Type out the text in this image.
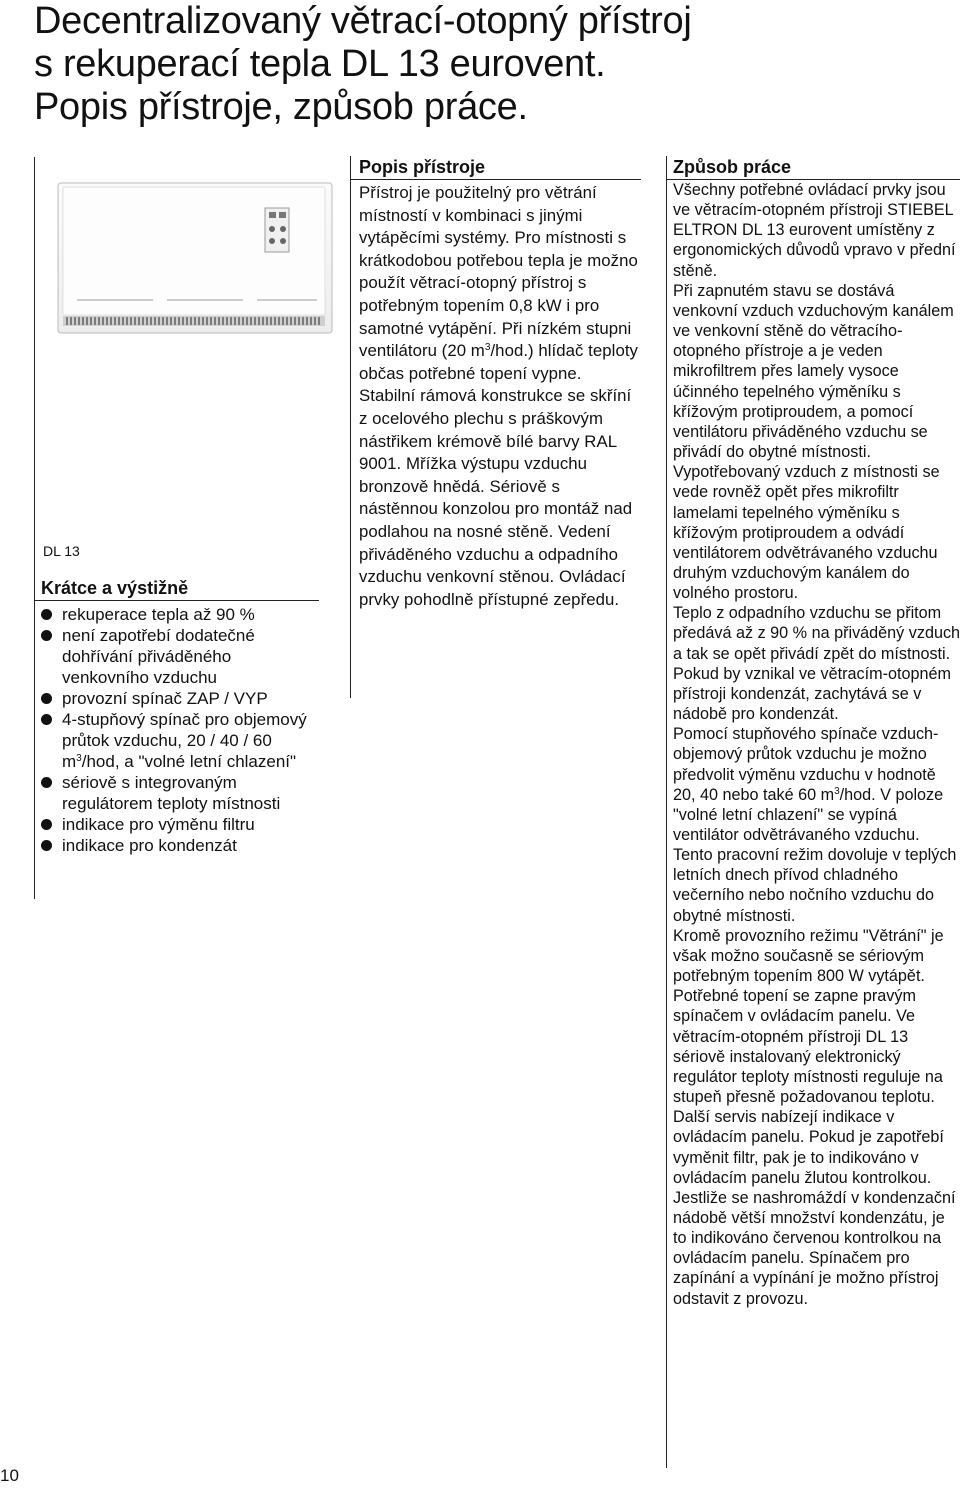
Decentralizovaný větrací-otopný přístroj
s rekuperací tepla DL 13 eurovent.
Popis přístroje, způsob práce.
DL 13
Krátce a výstižně
rekuperace tepla až 90 %
není zapotřebí dodatečné dohřívání přiváděného venkovního vzduchu
provozní spínač ZAP / VYP
4-stupňový spínač pro objemový průtok vzduchu, 20 / 40 / 60 $m^3$/hod, a "volné letní chlazení"
sériově s integrovaným regulátorem teploty místnosti
indikace pro výměnu filtru
indikace pro kondenzát
Popis přístroje

Přístroj je použitelný pro větrání místností v kombinaci s jinými vytápěcími systémy. Pro místnosti s krátkodobou potřebou tepla je možno použít větrací-otopný přístroj s potřebným topením 0,8 kW i pro samotné vytápění. Při nízkém stupni ventilátoru (20 $m^3/hod$.) hlídač teploty občas potřebné topení vypne. Stabilní rámová konstrukce se skříní z ocelového plechu s práškovým nástřikem krémově bílé barvy RAL 9001. Mřížka výstupu vzduchu bronzově hnědá. Sériově s nástěnnou konzolou pro montáž nad podlahou na nosné stěně. Vedení přiváděného vzduchu a odpadního vzduchu venkovní stěnou. Ovládací prvky pohodlně přístupné zepředu.

Způsob práce

Všechny potřebné ovládací prvky jsou ve větracím-otopném přístroji STIEBEL ELTRON DL 13 eurovent umístěny z ergonomických důvodů vpravo v přední stěně.

Při zapnutém stavu se dostává venkovní vzduch vzduchovým kanálem ve venkovní stěně do větracího-otopného přístroje a je veden mikrofiltrem přes lamely vysoce účinného tepelného výměníku s křížovým protiproudem, a pomocí ventilátoru přiváděného vzduchu se přivádí do obytné místnosti.

Vypotřebovaný vzduch z místnosti se vede rovněž opět přes mikrofiltr lamelami tepelného výměníku s křížovým protiproudem a odvádí ventilátorem odvětrávaného vzduchu druhým vzduchovým kanálem do volného prostoru.

Teplo z odpadního vzduchu se přitom předává až z 90 % na přiváděný vzduch a tak se opět přivádí zpět do místnosti.

Pokud by vznikal ve větracím-otopném přístroji kondenzát, zachytává se v nádobě pro kondenzát.

Pomocí stupňového spínače vzduch-objemový průtok vzduchu je možno předvolit výměnu vzduchu v hodnotě 20, 40 nebo také 60 $m^3$/hod. V poloze "volné letní chlazení" se vypíná ventilátor odvětrávaného vzduchu. Tento pracovní režim dovoluje v teplých letních dnech přívod chladného večerního nebo nočního vzduchu do obytné místnosti.

Kromě provozního režimu "Větrání" je však možno současně se sériovým potřebným topením 800 W vytápět. Potřebné topení se zapne pravým spínačem v ovládacím panelu. Ve větracím-otopném přístroji DL 13 sériově instalovaný elektronický regulátor teploty místnosti reguluje na stupeň přesně požadovanou teplotu.

Další servis nabízejí indikace v ovládacím panelu. Pokud je zapotřebí vyměnit filtr, pak je to indikováno v ovládacím panelu žlutou kontrolkou. Jestliže se nashromáždí v kondenzační nádobě větší množství kondenzátu, je to indikováno červenou kontrolkou na ovládacím panelu. Spínačem pro zapínání a vypínání je možno přístroj odstavit z provozu.

10
